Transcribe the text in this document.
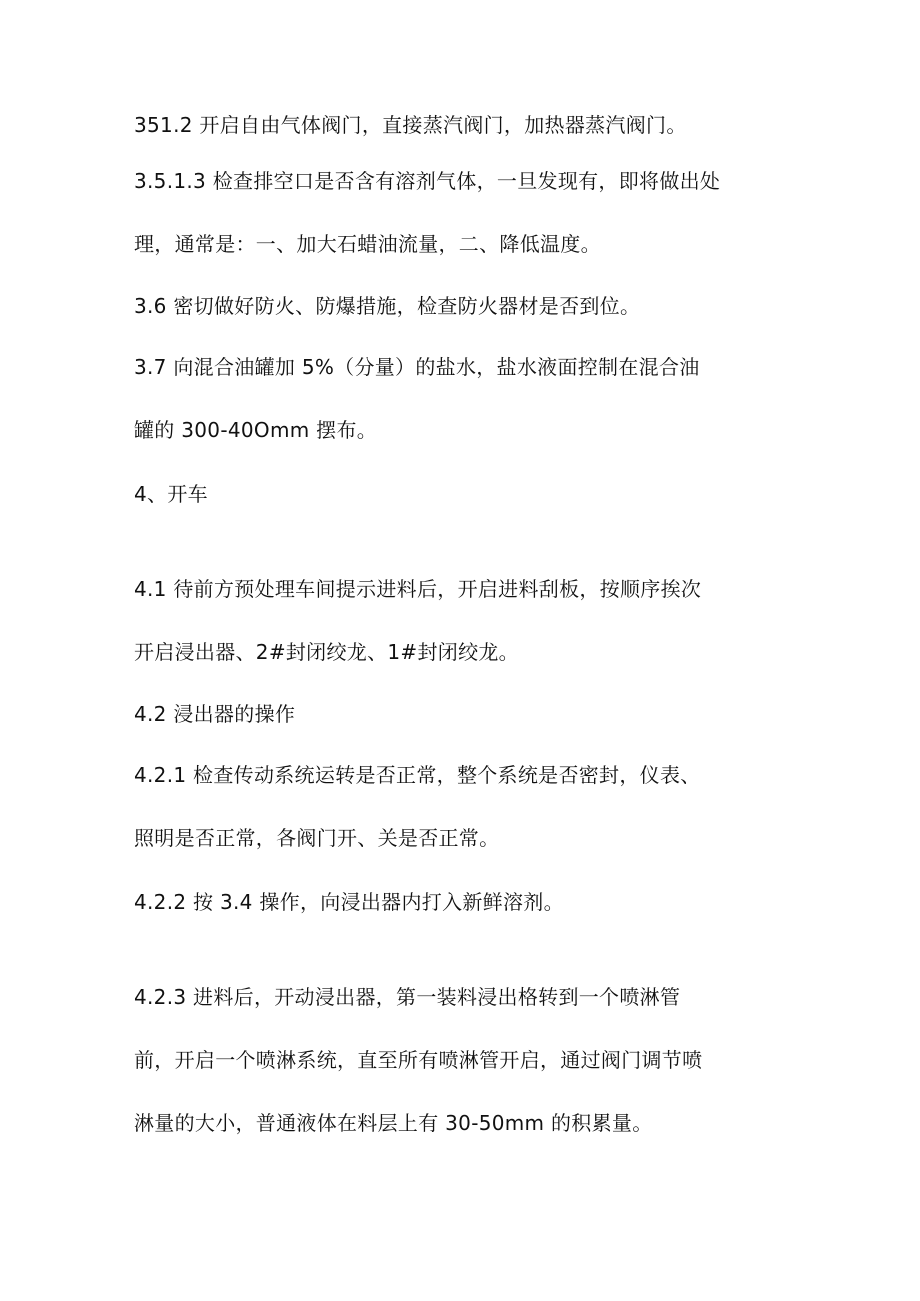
351.2 开启自由气体阀门，直接蒸汽阀门，加热器蒸汽阀门。
3.5.1.3 检查排空口是否含有溶剂气体，一旦发现有，即将做出处
理，通常是：一、加大石蜡油流量，二、降低温度。
3.6 密切做好防火、防爆措施，检查防火器材是否到位。
3.7 向混合油罐加 5%（分量）的盐水，盐水液面控制在混合油
罐的 300-40Omm 摆布。
4、开车
4.1 待前方预处理车间提示进料后，开启进料刮板，按顺序挨次
开启浸出器、2#封闭绞龙、1#封闭绞龙。
4.2 浸出器的操作
4.2.1 检查传动系统运转是否正常，整个系统是否密封，仪表、
照明是否正常，各阀门开、关是否正常。
4.2.2 按 3.4 操作，向浸出器内打入新鲜溶剂。
4.2.3 进料后，开动浸出器，第一装料浸出格转到一个喷淋管
前，开启一个喷淋系统，直至所有喷淋管开启，通过阀门调节喷
淋量的大小，普通液体在料层上有 30-50mm 的积累量。
